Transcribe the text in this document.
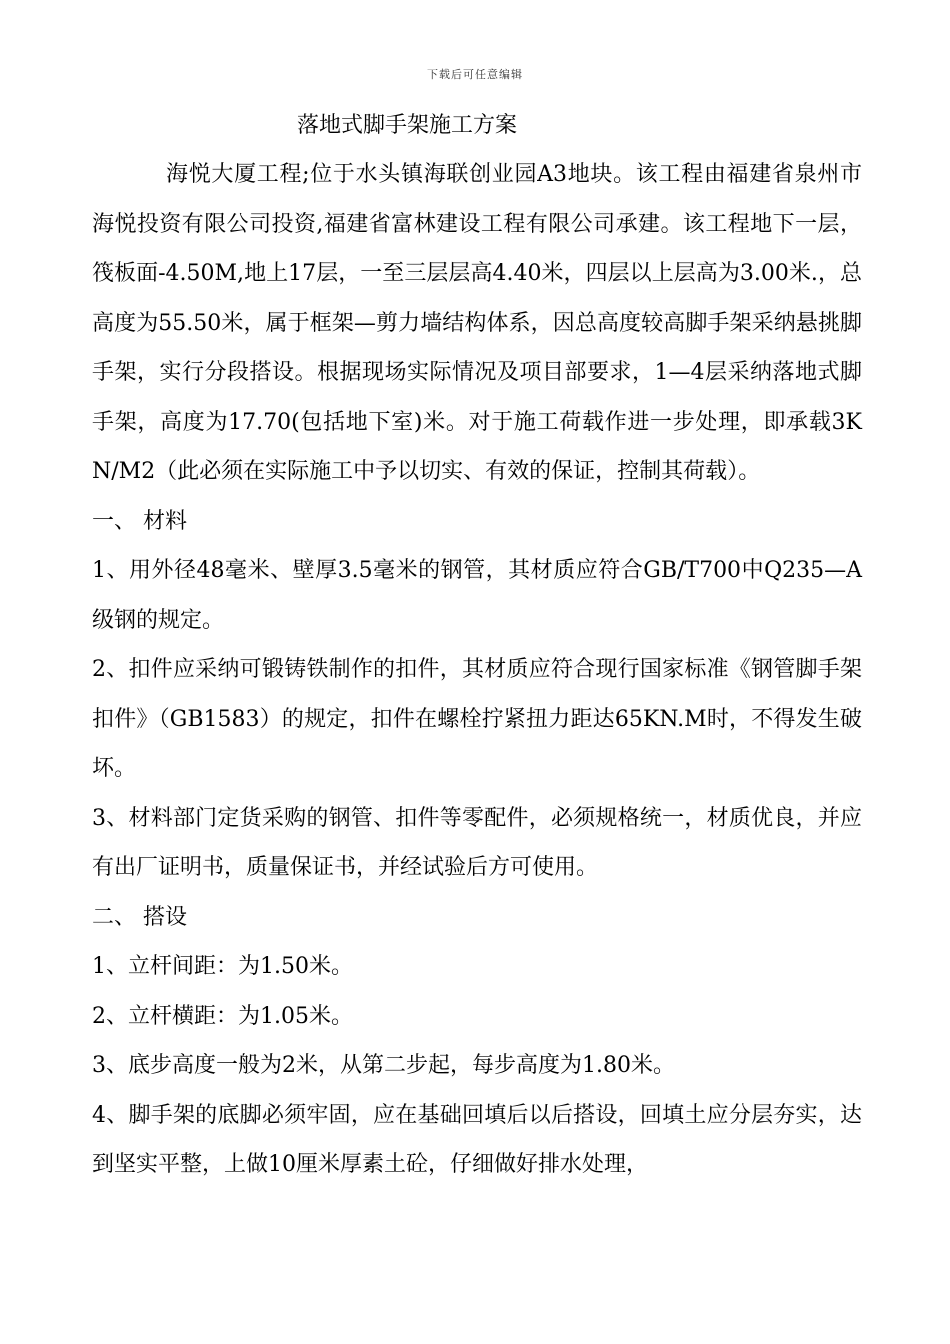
下载后可任意编辑
落地式脚手架施工方案

海悦大厦工程;位于水头镇海联创业园A3地块。该工程由福建省泉州市海悦投资有限公司投资,福建省富林建设工程有限公司承建。该工程地下一层，筏板面-4.50M,地上17层，一至三层层高4.40米，四层以上层高为3.00米.，总高度为55.50米，属于框架—剪力墙结构体系，因总高度较高脚手架采纳悬挑脚手架，实行分段搭设。根据现场实际情况及项目部要求，1—4层采纳落地式脚手架，高度为17.70(包括地下室)米。对于施工荷载作进一步处理，即承载3KN/M2（此必须在实际施工中予以切实、有效的保证，控制其荷载）。

一、 材料

1、用外径48毫米、壁厚3.5毫米的钢管，其材质应符合GB/T700中Q235—A级钢的规定。

2、扣件应采纳可锻铸铁制作的扣件，其材质应符合现行国家标准《钢管脚手架扣件》（GB1583）的规定，扣件在螺栓拧紧扭力距达65KN.M时，不得发生破坏。

3、材料部门定货采购的钢管、扣件等零配件，必须规格统一，材质优良，并应有出厂证明书，质量保证书，并经试验后方可使用。

二、 搭设

1、立杆间距：为1.50米。

2、立杆横距：为1.05米。

3、底步高度一般为2米，从第二步起，每步高度为1.80米。

4、脚手架的底脚必须牢固，应在基础回填后以后搭设，回填土应分层夯实，达到坚实平整，上做10厘米厚素土砼，仔细做好排水处理，
